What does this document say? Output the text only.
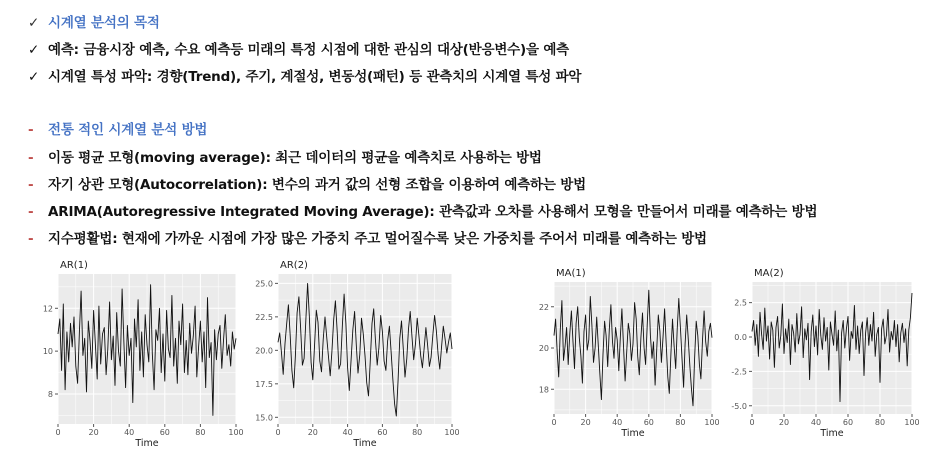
✓ 시계열 분석의 목적
✓ 예측: 금융시장 예측, 수요 예측등 미래의 특정 시점에 대한 관심의 대상(반응변수)을 예측
✓ 시계열 특성 파악: 경향(Trend), 주기, 계절성, 변동성(패턴) 등 관측치의 시계열 특성 파악
- 전통 적인 시계열 분석 방법
- 이동 평균 모형(moving average): 최근 데이터의 평균을 예측치로 사용하는 방법
- 자기 상관 모형(Autocorrelation): 변수의 과거 값의 선형 조합을 이용하여 예측하는 방법
- ARIMA(Autoregressive Integrated Moving Average): 관측값과 오차를 사용해서 모형을 만들어서 미래를 예측하는 방법
- 지수평활법: 현재에 가까운 시점에 가장 많은 가중치 주고 멀어질수록 낮은 가중치를 주어서 미래를 예측하는 방법
AR(1)
0	20	40	60	80	100
8
10
12
Time
AR(2)
0	20	40	60	80	100
15.0
17.5
20.0
22.5
25.0
Time
MA(1)
0	20	40	60	80 100
18
20
22
Time
MA(2)
0	20	40	60	80 100
-5.0
-2.5
0.0
2.5
Time
